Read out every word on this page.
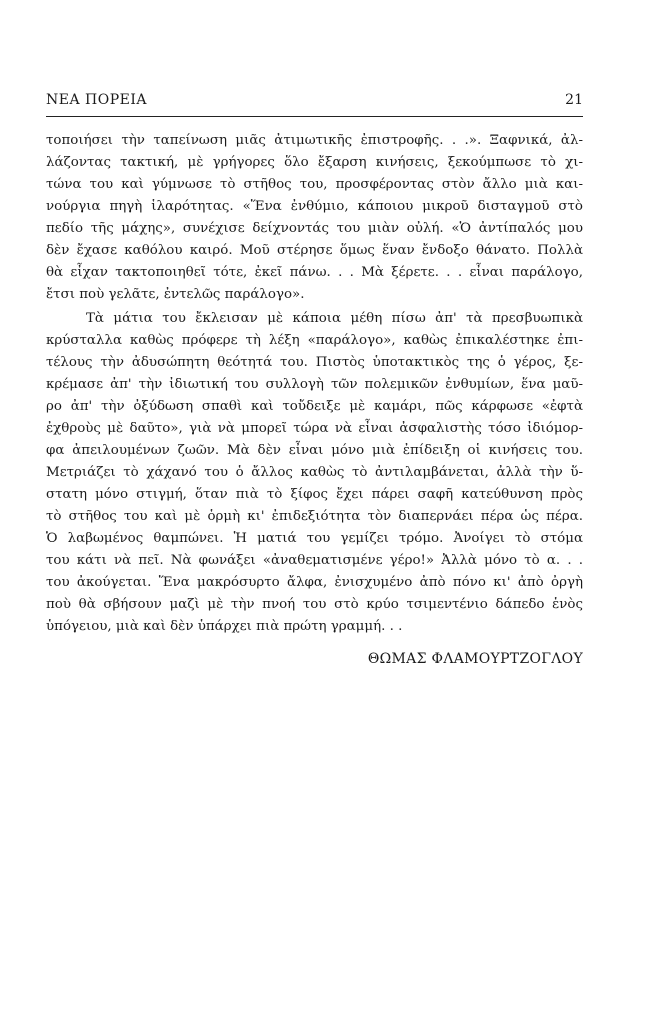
ΝΕΑ ΠΟΡΕΙΑ	21
τοποιήσει τὴν ταπείνωση μιᾶς ἀτιμωτικῆς ἐπιστροφῆς. . .». Ξαφνικά, ἀλ-
λάζοντας τακτική, μὲ γρήγορες ὅλο ἔξαρση κινήσεις, ξεκούμπωσε τὸ χι-
τώνα του καὶ γύμνωσε τὸ στῆθος του, προσφέροντας στὸν ἄλλο μιὰ και-
νούργια πηγὴ ἱλαρότητας. «Ἕνα ἐνθύμιο, κάποιου μικροῦ δισταγμοῦ στὸ
πεδίο τῆς μάχης», συνέχισε δείχνοντάς του μιὰν οὐλή. «Ὁ ἀντίπαλός μου
δὲν ἔχασε καθόλου καιρό. Μοῦ στέρησε ὅμως ἕναν ἔνδοξο θάνατο. Πολλὰ
θὰ εἶχαν τακτοποιηθεῖ τότε, ἐκεῖ πάνω. . . Μὰ ξέρετε. . . εἶναι παράλογο,
ἔτσι ποὺ γελᾶτε, ἐντελῶς παράλογο».
Τὰ μάτια του ἔκλεισαν μὲ κάποια μέθη πίσω ἀπ' τὰ πρεσβυωπικὰ
κρύσταλλα καθὼς πρόφερε τὴ λέξη «παράλογο», καθὼς ἐπικαλέστηκε ἐπι-
τέλους τὴν ἀδυσώπητη θεότητά του. Πιστὸς ὑποτακτικὸς της ὁ γέρος, ξε-
κρέμασε ἀπ' τὴν ἰδιωτική του συλλογὴ τῶν πολεμικῶν ἐνθυμίων, ἕνα μαῦ-
ρο ἀπ' τὴν ὀξύδωση σπαθὶ καὶ τοὔδειξε μὲ καμάρι, πῶς κάρφωσε «ἐφτὰ
ἐχθροὺς μὲ δαῦτο», γιὰ νὰ μπορεῖ τώρα νὰ εἶναι ἀσφαλιστὴς τόσο ἰδιόμορ-
φα ἀπειλουμένων ζωῶν. Μὰ δὲν εἶναι μόνο μιὰ ἐπίδειξη οἱ κινήσεις του.
Μετριάζει τὸ χάχανό του ὁ ἄλλος καθὼς τὸ ἀντιλαμβάνεται, ἀλλὰ τὴν ὕ-
στατη μόνο στιγμή, ὅταν πιὰ τὸ ξίφος ἔχει πάρει σαφῆ κατεύθυνση πρὸς
τὸ στῆθος του καὶ μὲ ὁρμὴ κι' ἐπιδεξιότητα τὸν διαπερνάει πέρα ὡς πέρα.
Ὁ λαβωμένος θαμπώνει. Ἡ ματιά του γεμίζει τρόμο. Ἀνοίγει τὸ στόμα
του κάτι νὰ πεῖ. Νὰ φωνάξει «ἀναθεματισμένε γέρο!» Ἀλλὰ μόνο τὸ α. . .
του ἀκούγεται. Ἕνα μακρόσυρτο ἄλφα, ἐνισχυμένο ἀπὸ πόνο κι' ἀπὸ ὀργὴ
ποὺ θὰ σβήσουν μαζὶ μὲ τὴν πνοή του στὸ κρύο τσιμεντένιο δάπεδο ἑνὸς
ὑπόγειου, μιὰ καὶ δὲν ὑπάρχει πιὰ πρώτη γραμμή. . .
ΘΩΜΑΣ ΦΛΑΜΟΥΡΤΖΟΓΛΟΥ
